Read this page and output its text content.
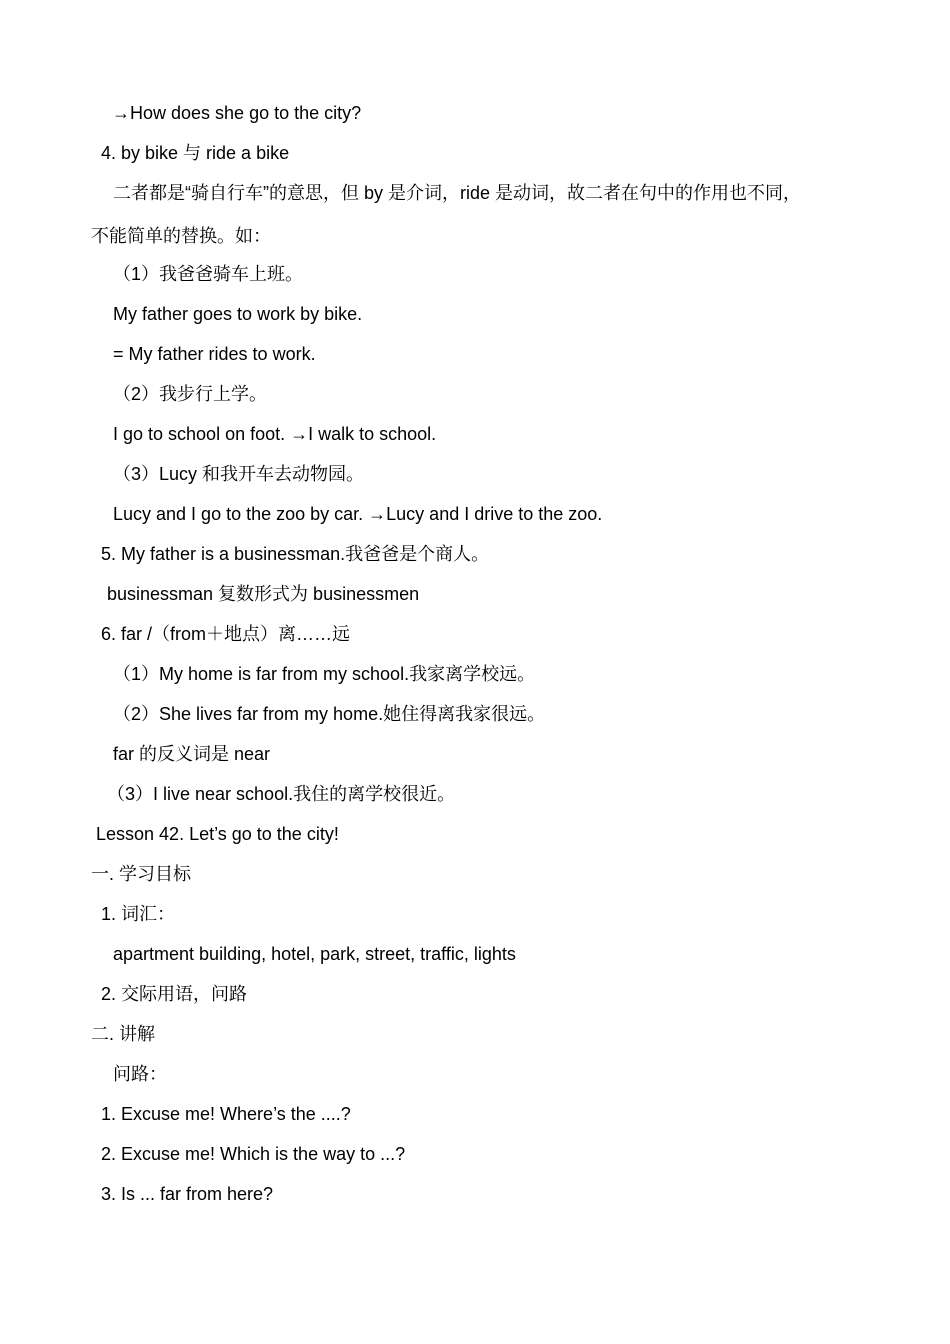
→How does she go to the city?
4. by bike 与 ride a bike
二者都是“骑自行车”的意思，但 by 是介词，ride 是动词，故二者在句中的作用也不同，
不能简单的替换。如：
（1）我爸爸骑车上班。
My father goes to work by bike.
= My father rides to work.
（2）我步行上学。
I go to school on foot. →I walk to school.
（3）Lucy 和我开车去动物园。
Lucy and I go to the zoo by car. →Lucy and I drive to the zoo.
5. My father is a businessman.我爸爸是个商人。
businessman 复数形式为 businessmen
6. far /（from＋地点）离……远
（1）My home is far from my school.我家离学校远。
（2）She lives far from my home.她住得离我家很远。
far 的反义词是 near
（3）I live near school.我住的离学校很近。
Lesson 42. Let’s go to the city!
一. 学习目标
1. 词汇：
apartment building, hotel, park, street, traffic, lights
2. 交际用语，问路
二. 讲解
问路：
1. Excuse me! Where’s the ....?
2. Excuse me! Which is the way to ...?
3. Is ... far from here?
